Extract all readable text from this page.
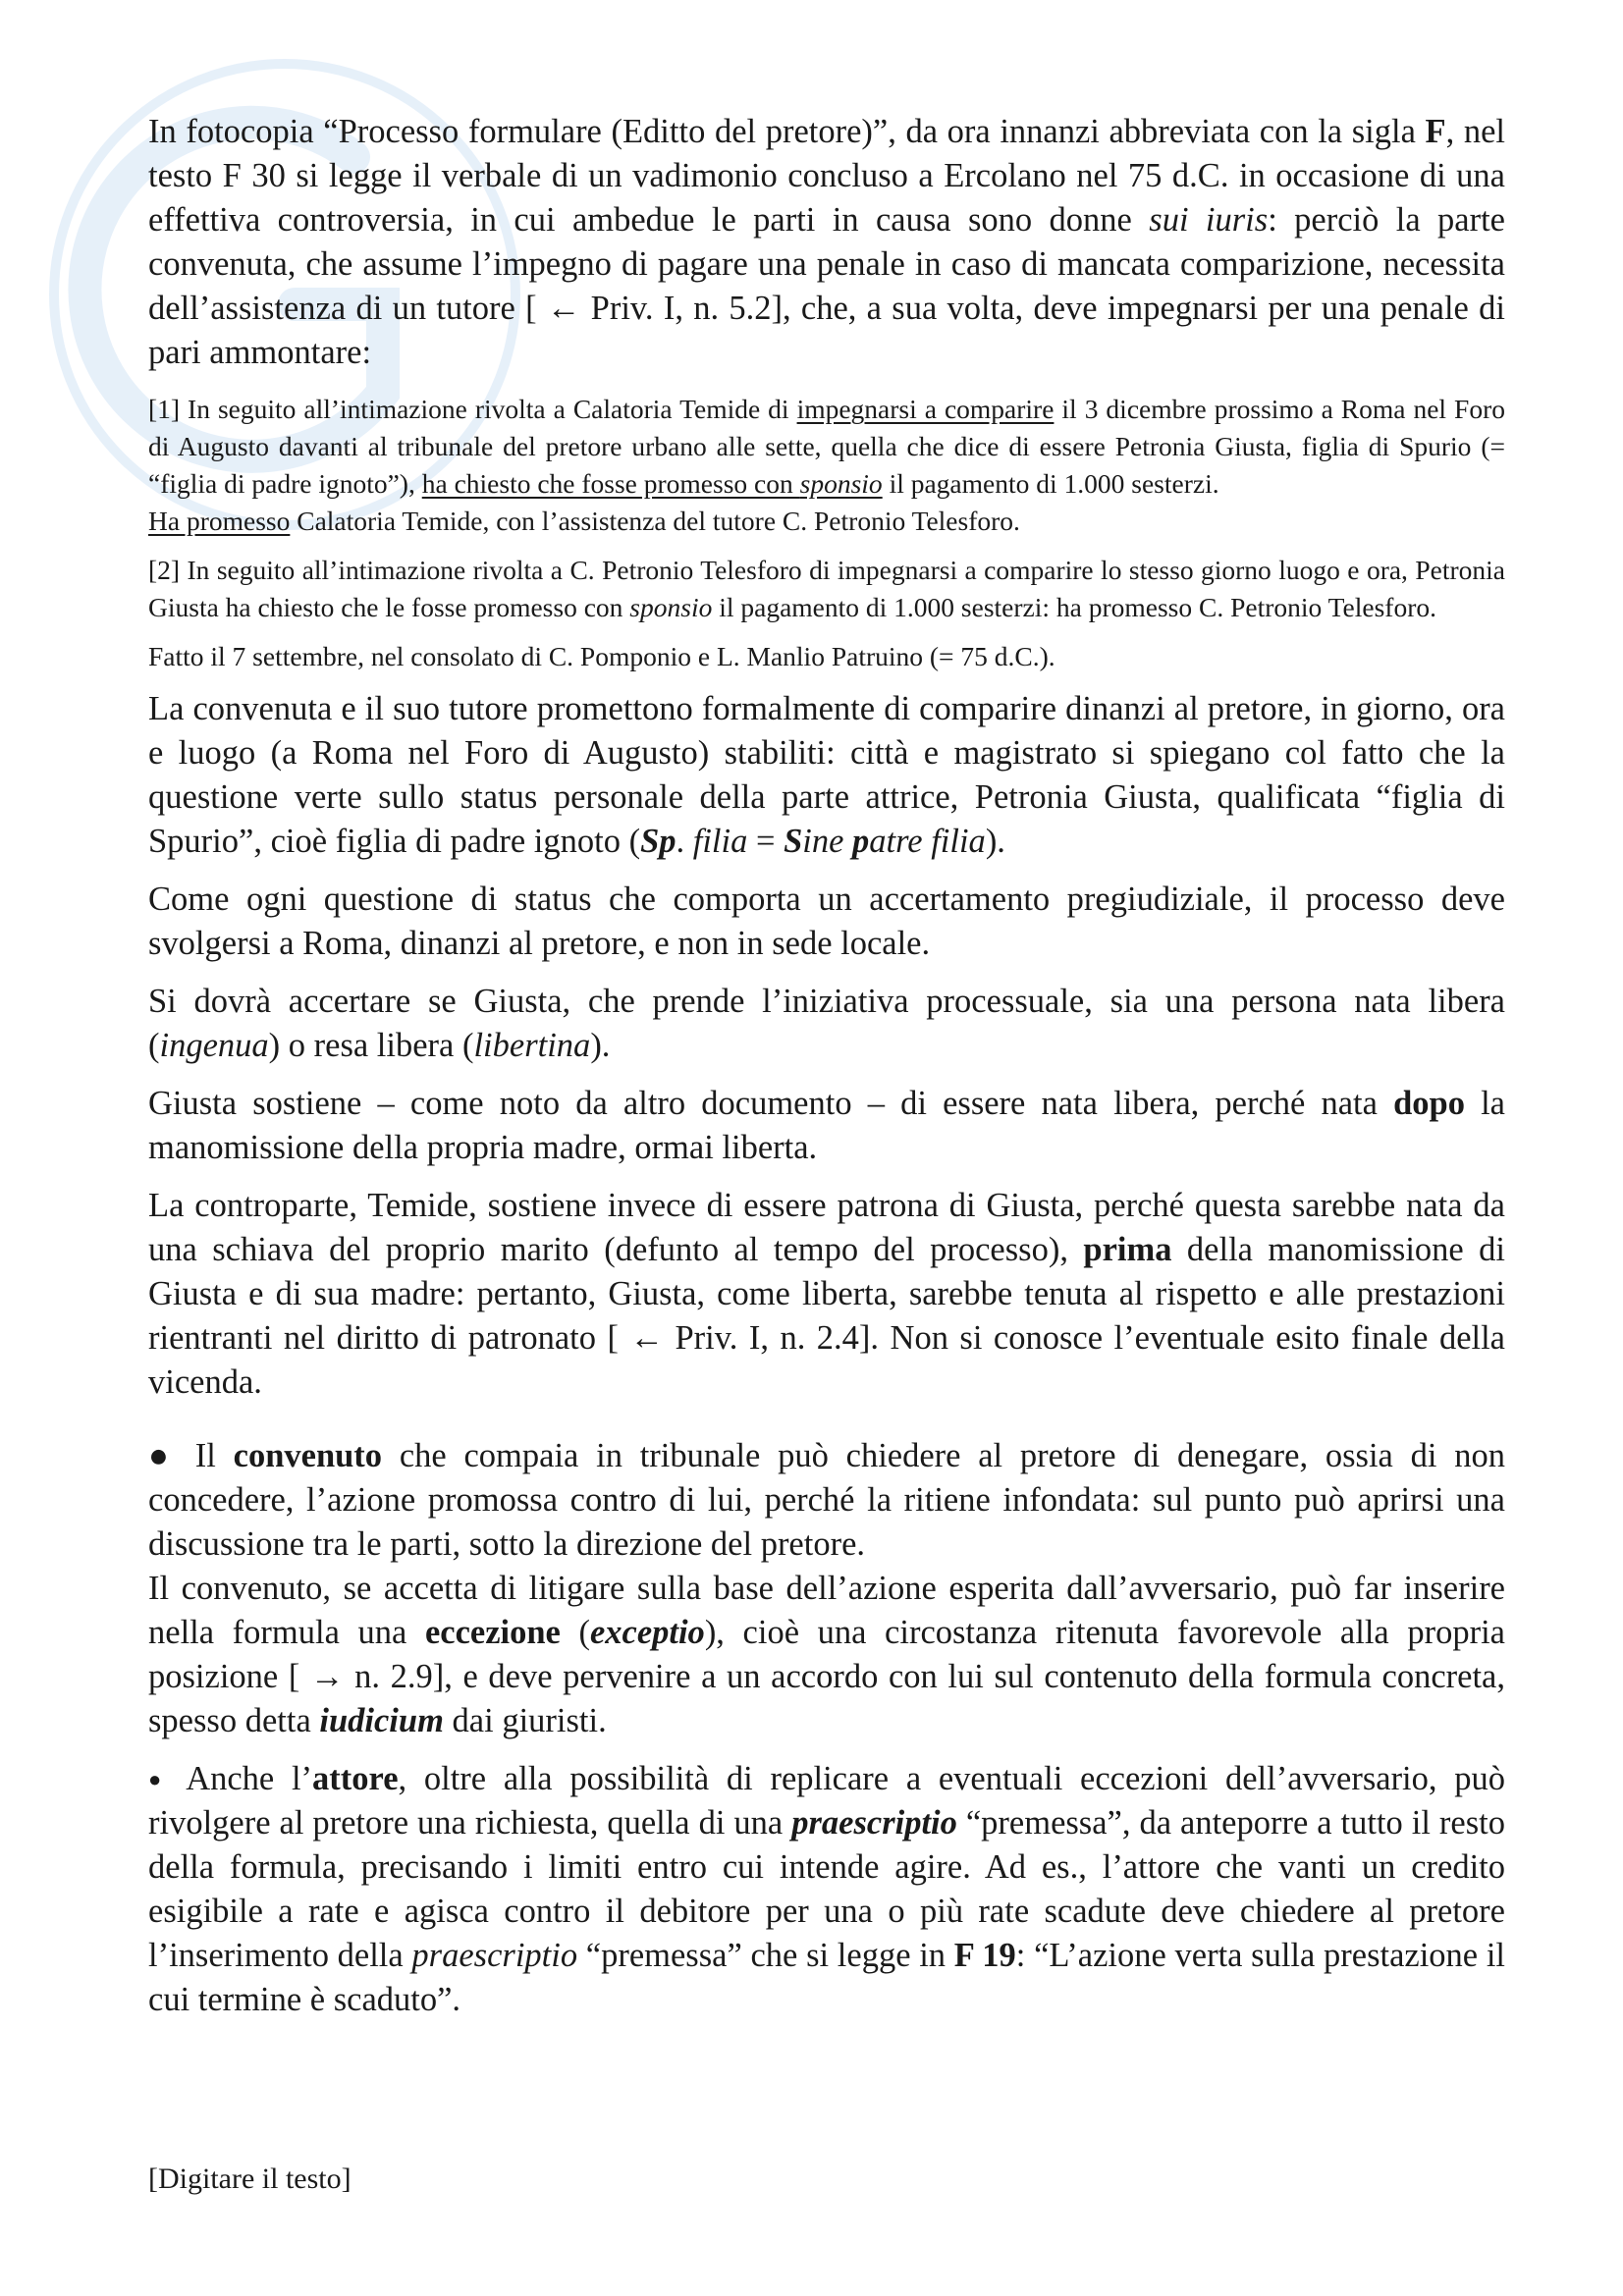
In fotocopia “Processo formulare (Editto del pretore)”, da ora innanzi abbreviata con la sigla F, nel testo F 30 si legge il verbale di un vadimonio concluso a Ercolano nel 75 d.C. in occasione di una effettiva controversia, in cui ambedue le parti in causa sono donne sui iuris: perciò la parte convenuta, che assume l’impegno di pagare una penale in caso di mancata comparizione, necessita dell’assistenza di un tutore [ ← Priv. I, n. 5.2], che, a sua volta, deve impegnarsi per una penale di pari ammontare:

[1] In seguito all’intimazione rivolta a Calatoria Temide di impegnarsi a comparire il 3 dicembre prossimo a Roma nel Foro di Augusto davanti al tribunale del pretore urbano alle sette, quella che dice di essere Petronia Giusta, figlia di Spurio (= “figlia di padre ignoto”), ha chiesto che fosse promesso con sponsio il pagamento di 1.000 sesterzi.
Ha promesso Calatoria Temide, con l’assistenza del tutore C. Petronio Telesforo.

[2] In seguito all’intimazione rivolta a C. Petronio Telesforo di impegnarsi a comparire lo stesso giorno luogo e ora, Petronia Giusta ha chiesto che le fosse promesso con sponsio il pagamento di 1.000 sesterzi: ha promesso C. Petronio Telesforo.

Fatto il 7 settembre, nel consolato di C. Pomponio e L. Manlio Patruino (= 75 d.C.).

La convenuta e il suo tutore promettono formalmente di comparire dinanzi al pretore, in giorno, ora e luogo (a Roma nel Foro di Augusto) stabiliti: città e magistrato si spiegano col fatto che la questione verte sullo status personale della parte attrice, Petronia Giusta, qualificata “figlia di Spurio”, cioè figlia di padre ignoto (Sp. filia = Sine patre filia).

Come ogni questione di status che comporta un accertamento pregiudiziale, il processo deve svolgersi a Roma, dinanzi al pretore, e non in sede locale.

Si dovrà accertare se Giusta, che prende l’iniziativa processuale, sia una persona nata libera (ingenua) o resa libera (libertina).

Giusta sostiene – come noto da altro documento – di essere nata libera, perché nata dopo la manomissione della propria madre, ormai liberta.

La controparte, Temide, sostiene invece di essere patrona di Giusta, perché questa sarebbe nata da una schiava del proprio marito (defunto al tempo del processo), prima della manomissione di Giusta e di sua madre: pertanto, Giusta, come liberta, sarebbe tenuta al rispetto e alle prestazioni rientranti nel diritto di patronato [ ← Priv. I, n. 2.4]. Non si conosce l’eventuale esito finale della vicenda.

● Il convenuto che compaia in tribunale può chiedere al pretore di denegare, ossia di non concedere, l’azione promossa contro di lui, perché la ritiene infondata: sul punto può aprirsi una discussione tra le parti, sotto la direzione del pretore.

Il convenuto, se accetta di litigare sulla base dell’azione esperita dall’avversario, può far inserire nella formula una eccezione (exceptio), cioè una circostanza ritenuta favorevole alla propria posizione [ → n. 2.9], e deve pervenire a un accordo con lui sul contenuto della formula concreta, spesso detta iudicium dai giuristi.

● Anche l’attore, oltre alla possibilità di replicare a eventuali eccezioni dell’avversario, può rivolgere al pretore una richiesta, quella di una praescriptio “premessa”, da anteporre a tutto il resto della formula, precisando i limiti entro cui intende agire. Ad es., l’attore che vanti un credito esigibile a rate e agisca contro il debitore per una o più rate scadute deve chiedere al pretore l’inserimento della praescriptio “premessa” che si legge in F 19: “L’azione verta sulla prestazione il cui termine è scaduto”.

[Digitare il testo]
